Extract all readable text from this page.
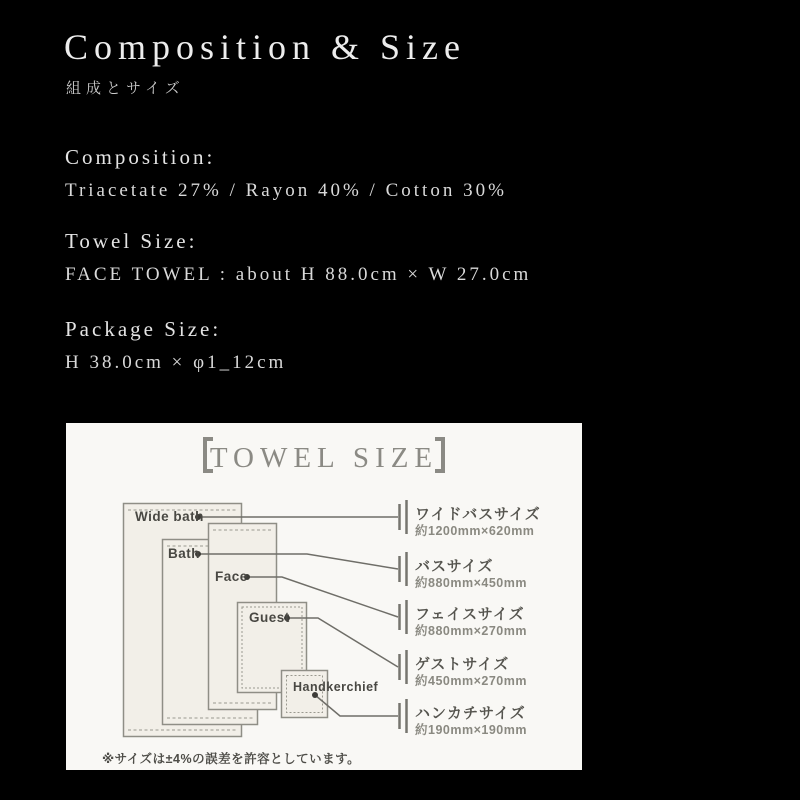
Composition & Size
組成とサイズ
Composition:
Triacetate 27% / Rayon 40% / Cotton 30%
Towel Size:
FACE TOWEL : about H 88.0cm × W 27.0cm
Package Size:
H 38.0cm × φ1_12cm
TOWEL SIZE
Wide bath
Bath
Face
Guest
Handkerchief
ワイドバスサイズ
約1200mm×620mm
バスサイズ
約880mm×450mm
フェイスサイズ
約880mm×270mm
ゲストサイズ
約450mm×270mm
ハンカチサイズ
約190mm×190mm
※サイズは±4%の誤差を許容としています。
